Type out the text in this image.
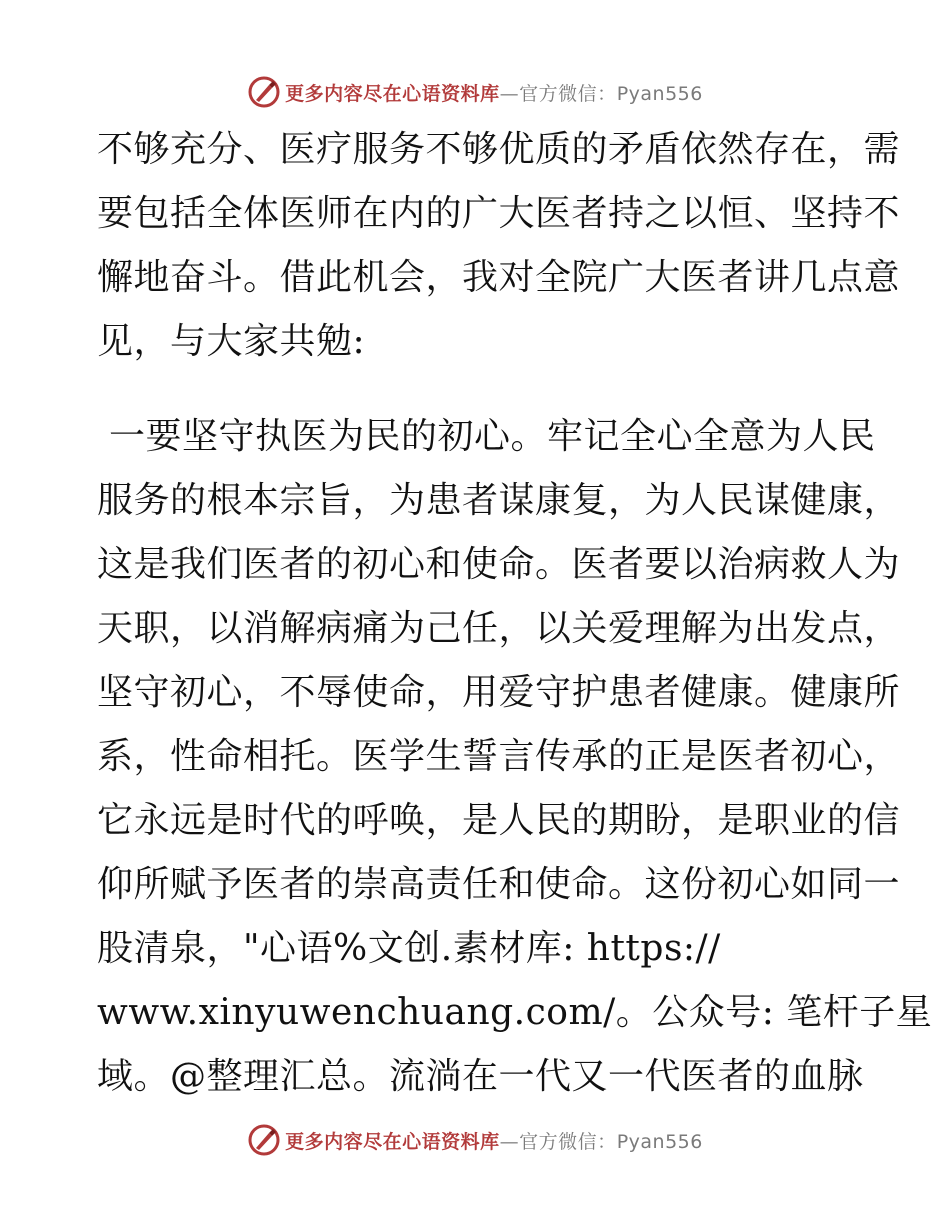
更多内容尽在心语资料库—官方微信：Pyan556
不够充分、医疗服务不够优质的矛盾依然存在，需
要包括全体医师在内的广大医者持之以恒、坚持不
懈地奋斗。借此机会，我对全院广大医者讲几点意
见，与大家共勉:
一要坚守执医为民的初心。牢记全心全意为人民
服务的根本宗旨，为患者谋康复，为人民谋健康，
这是我们医者的初心和使命。医者要以治病救人为
天职，以消解病痛为己任，以关爱理解为出发点，
坚守初心，不辱使命，用爱守护患者健康。健康所
系，性命相托。医学生誓言传承的正是医者初心，
它永远是时代的呼唤，是人民的期盼，是职业的信
仰所赋予医者的崇高责任和使命。这份初心如同一
股清泉，"心语%文创.素材库: https://
www.xinyuwenchuang.com/。公众号: 笔杆子星
域。@整理汇总。流淌在一代又一代医者的血脉
更多内容尽在心语资料库—官方微信：Pyan556
